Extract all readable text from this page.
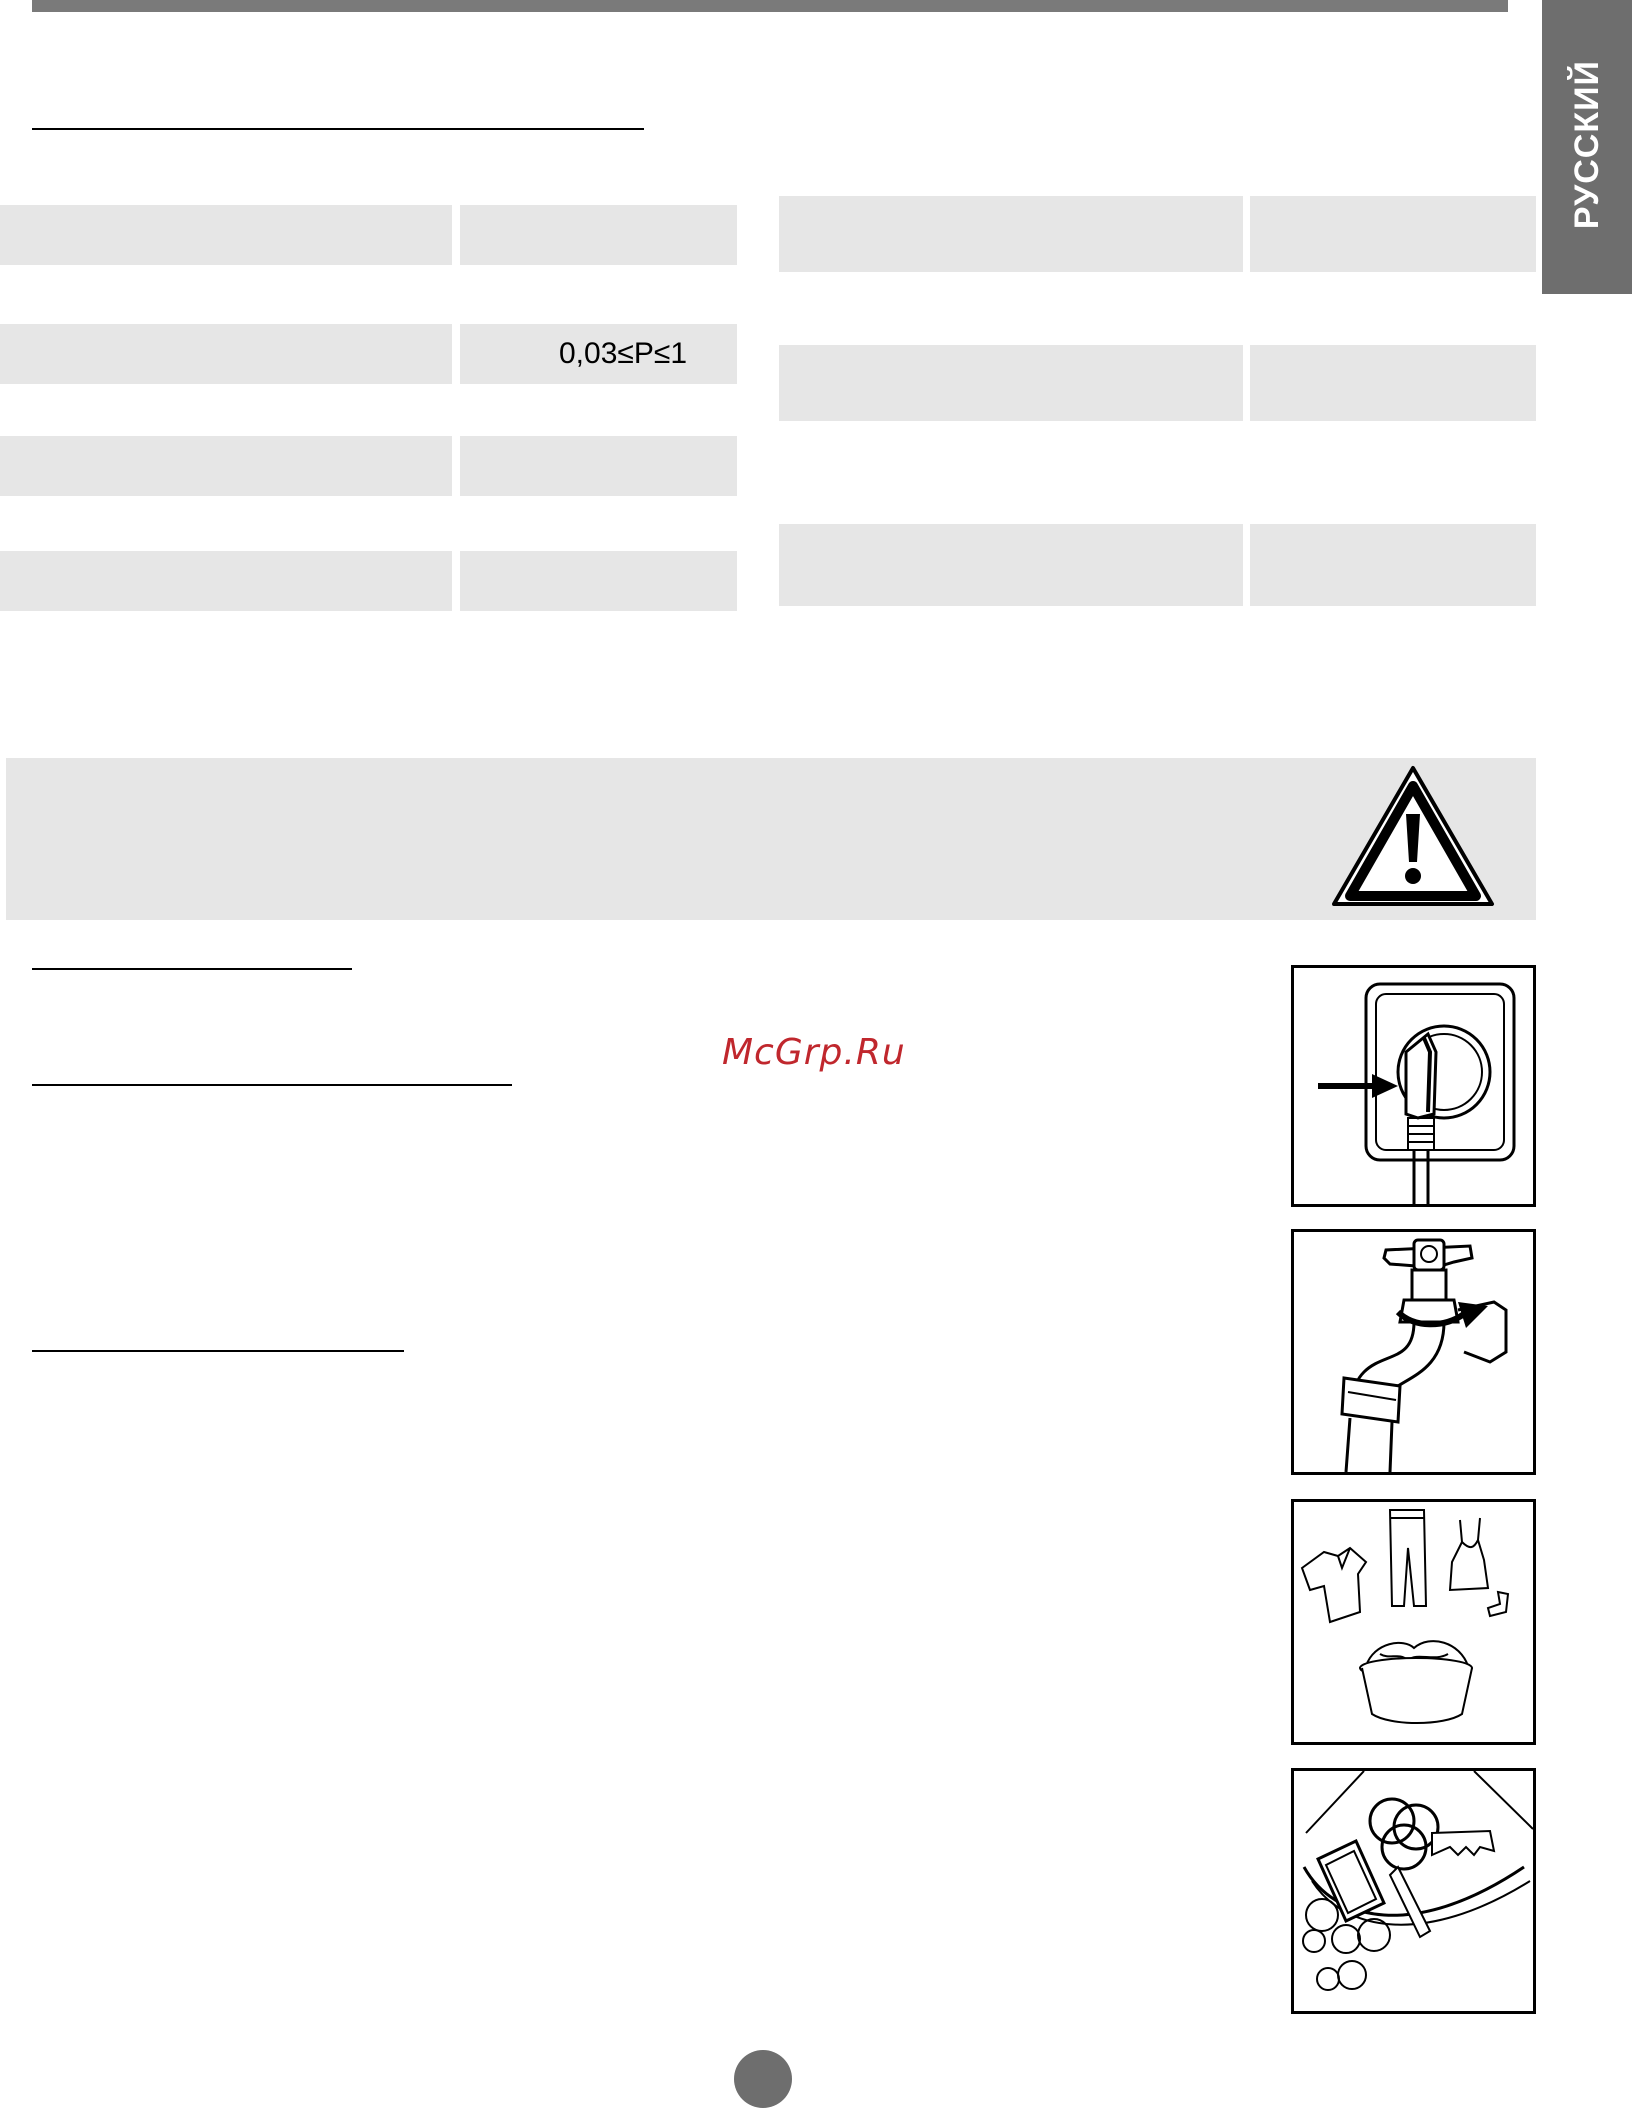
РУССКИЙ
0,03≤P≤1
McGrp.Ru
